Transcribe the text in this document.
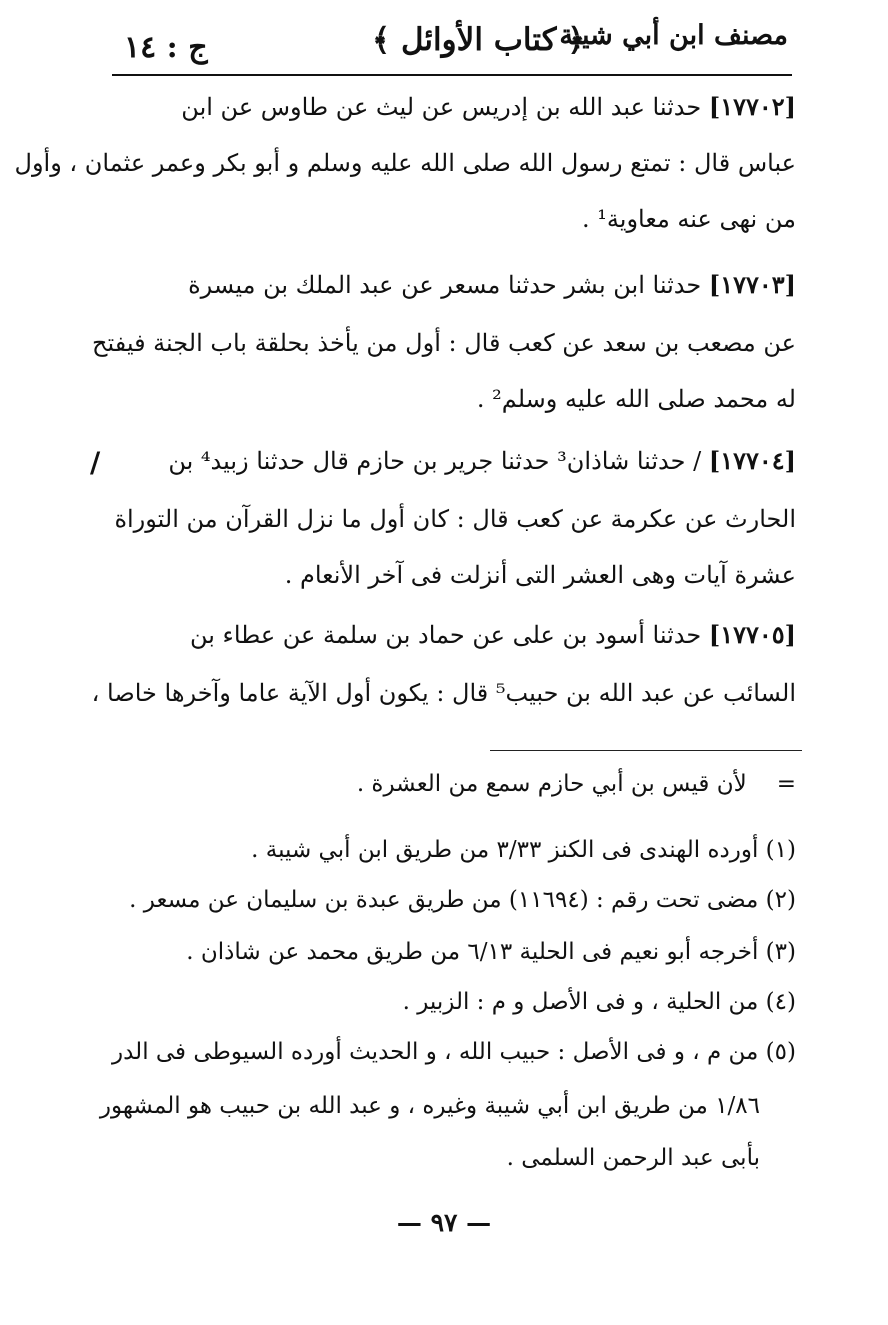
ج : ١٤	﴿ كتاب الأوائل ﴾
مصنف ابن أبي شيبة
[١٧٧٠٢] حدثنا عبد الله بن إدريس عن ليث عن طاوس عن ابن
عباس قال : تمتع رسول الله صلى الله عليه وسلم و أبو بكر وعمر عثمان ، وأول
من نهى عنه معاوية¹ .
[١٧٧٠٣] حدثنا ابن بشر حدثنا مسعر عن عبد الملك بن ميسرة
عن مصعب بن سعد عن كعب قال : أول من يأخذ بحلقة باب الجنة فيفتح
له محمد صلى الله عليه وسلم² .
[١٧٧٠٤] / حدثنا شاذان³ حدثنا جرير بن حازم قال حدثنا زبيد⁴ بن
الحارث عن عكرمة عن كعب قال : كان أول ما نزل القرآن من التوراة
عشرة آيات وهى العشر التى أنزلت فى آخر الأنعام .
[١٧٧٠٥] حدثنا أسود بن على عن حماد بن سلمة عن عطاء بن
السائب عن عبد الله بن حبيب⁵ قال : يكون أول الآية عاما وآخرها خاصا ،
/
=لأن قيس بن أبي حازم سمع من العشرة .
(١) أورده الهندى فى الكنز ٣/٣٣ من طريق ابن أبي شيبة .
(٢) مضى تحت رقم : (١١٦٩٤) من طريق عبدة بن سليمان عن مسعر .
(٣) أخرجه أبو نعيم فى الحلية ٦/١٣ من طريق محمد عن شاذان .
(٤) من الحلية ، و فى الأصل و م : الزبير .
(٥) من م ، و فى الأصل : حبيب الله ، و الحديث أورده السيوطى فى الدر
١/٨٦ من طريق ابن أبي شيبة وغيره ، و عبد الله بن حبيب هو المشهور
بأبى عبد الرحمن السلمى .
— ٩٧ —
